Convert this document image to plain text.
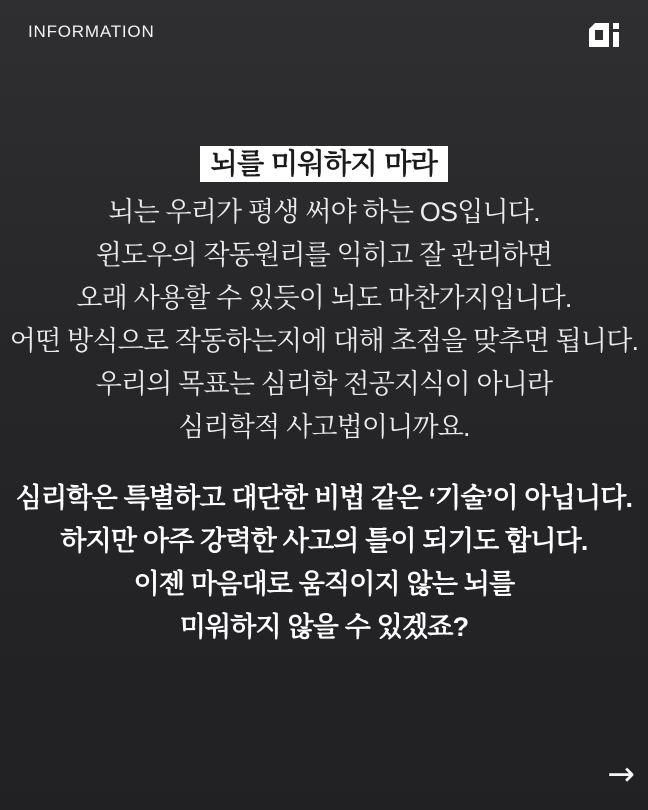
INFORMATION
뇌를 미워하지 마라
뇌는 우리가 평생 써야 하는 OS입니다.
윈도우의 작동원리를 익히고 잘 관리하면
오래 사용할 수 있듯이 뇌도 마찬가지입니다.
어떤 방식으로 작동하는지에 대해 초점을 맞추면 됩니다.
우리의 목표는 심리학 전공지식이 아니라
심리학적 사고법이니까요.
심리학은 특별하고 대단한 비법 같은 ‘기술’이 아닙니다.
하지만 아주 강력한 사고의 틀이 되기도 합니다.
이젠 마음대로 움직이지 않는 뇌를
미워하지 않을 수 있겠죠?
→
